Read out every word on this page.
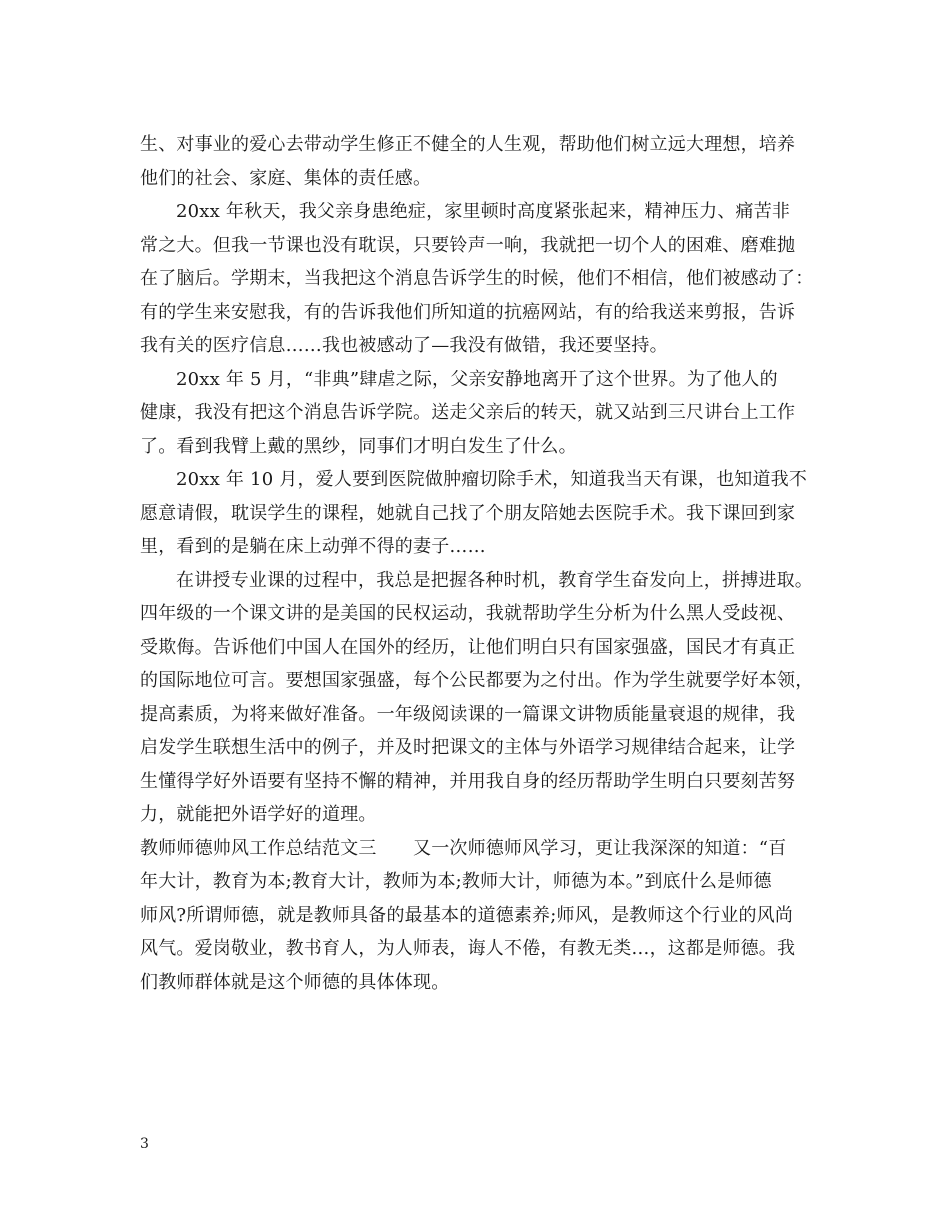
生、对事业的爱心去带动学生修正不健全的人生观，帮助他们树立远大理想，培养
他们的社会、家庭、集体的责任感。
20xx 年秋天，我父亲身患绝症，家里顿时高度紧张起来，精神压力、痛苦非
常之大。但我一节课也没有耽误，只要铃声一响，我就把一切个人的困难、磨难抛
在了脑后。学期末，当我把这个消息告诉学生的时候，他们不相信，他们被感动了：
有的学生来安慰我，有的告诉我他们所知道的抗癌网站，有的给我送来剪报，告诉
我有关的医疗信息……我也被感动了—我没有做错，我还要坚持。
20xx 年 5 月，“非典”肆虐之际，父亲安静地离开了这个世界。为了他人的
健康，我没有把这个消息告诉学院。送走父亲后的转天，就又站到三尺讲台上工作
了。看到我臂上戴的黑纱，同事们才明白发生了什么。
20xx 年 10 月，爱人要到医院做肿瘤切除手术，知道我当天有课，也知道我不
愿意请假，耽误学生的课程，她就自己找了个朋友陪她去医院手术。我下课回到家
里，看到的是躺在床上动弹不得的妻子……
在讲授专业课的过程中，我总是把握各种时机，教育学生奋发向上，拼搏进取。
四年级的一个课文讲的是美国的民权运动，我就帮助学生分析为什么黑人受歧视、
受欺侮。告诉他们中国人在国外的经历，让他们明白只有国家强盛，国民才有真正
的国际地位可言。要想国家强盛，每个公民都要为之付出。作为学生就要学好本领，
提高素质，为将来做好准备。一年级阅读课的一篇课文讲物质能量衰退的规律，我
启发学生联想生活中的例子，并及时把课文的主体与外语学习规律结合起来，让学
生懂得学好外语要有坚持不懈的精神，并用我自身的经历帮助学生明白只要刻苦努
力，就能把外语学好的道理。
教师师德帅风工作总结范文三　　又一次师德师风学习，更让我深深的知道：“百
年大计，教育为本;教育大计，教师为本;教师大计，师德为本。”到底什么是师德
师风?所谓师德，就是教师具备的最基本的道德素养;师风，是教师这个行业的风尚
风气。爱岗敬业，教书育人，为人师表，诲人不倦，有教无类…，这都是师德。我
们教师群体就是这个师德的具体体现。
3
